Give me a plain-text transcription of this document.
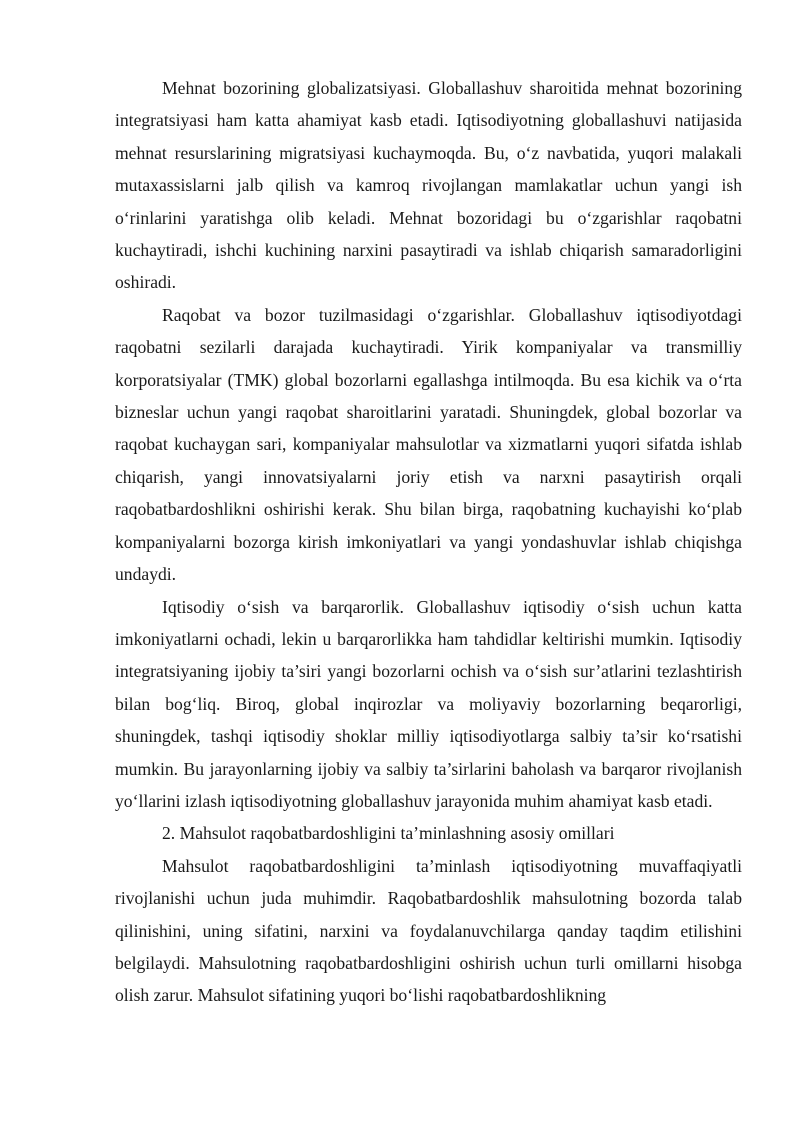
Mehnat bozorining globalizatsiyasi. Globallashuv sharoitida mehnat bozorining integratsiyasi ham katta ahamiyat kasb etadi. Iqtisodiyotning globallashuvi natijasida mehnat resurslarining migratsiyasi kuchaymoqda. Bu, o‘z navbatida, yuqori malakali mutaxassislarni jalb qilish va kamroq rivojlangan mamlakatlar uchun yangi ish o‘rinlarini yaratishga olib keladi. Mehnat bozoridagi bu o‘zgarishlar raqobatni kuchaytiradi, ishchi kuchining narxini pasaytiradi va ishlab chiqarish samaradorligini oshiradi.

Raqobat va bozor tuzilmasidagi o‘zgarishlar. Globallashuv iqtisodiyotdagi raqobatni sezilarli darajada kuchaytiradi. Yirik kompaniyalar va transmilliy korporatsiyalar (TMK) global bozorlarni egallashga intilmoqda. Bu esa kichik va o‘rta bizneslar uchun yangi raqobat sharoitlarini yaratadi. Shuningdek, global bozorlar va raqobat kuchaygan sari, kompaniyalar mahsulotlar va xizmatlarni yuqori sifatda ishlab chiqarish, yangi innovatsiyalarni joriy etish va narxni pasaytirish orqali raqobatbardoshlikni oshirishi kerak. Shu bilan birga, raqobatning kuchayishi ko‘plab kompaniyalarni bozorga kirish imkoniyatlari va yangi yondashuvlar ishlab chiqishga undaydi.

Iqtisodiy o‘sish va barqarorlik. Globallashuv iqtisodiy o‘sish uchun katta imkoniyatlarni ochadi, lekin u barqarorlikka ham tahdidlar keltirishi mumkin. Iqtisodiy integratsiyaning ijobiy ta’siri yangi bozorlarni ochish va o‘sish sur’atlarini tezlashtirish bilan bog‘liq. Biroq, global inqirozlar va moliyaviy bozorlarning beqarorligi, shuningdek, tashqi iqtisodiy shoklar milliy iqtisodiyotlarga salbiy ta’sir ko‘rsatishi mumkin. Bu jarayonlarning ijobiy va salbiy ta’sirlarini baholash va barqaror rivojlanish yo‘llarini izlash iqtisodiyotning globallashuv jarayonida muhim ahamiyat kasb etadi.

2. Mahsulot raqobatbardoshligini ta’minlashning asosiy omillari

Mahsulot raqobatbardoshligini ta’minlash iqtisodiyotning muvaffaqiyatli rivojlanishi uchun juda muhimdir. Raqobatbardoshlik mahsulotning bozorda talab qilinishini, uning sifatini, narxini va foydalanuvchilarga qanday taqdim etilishini belgilaydi. Mahsulotning raqobatbardoshligini oshirish uchun turli omillarni hisobga olish zarur. Mahsulot sifatining yuqori bo‘lishi raqobatbardoshlikning
